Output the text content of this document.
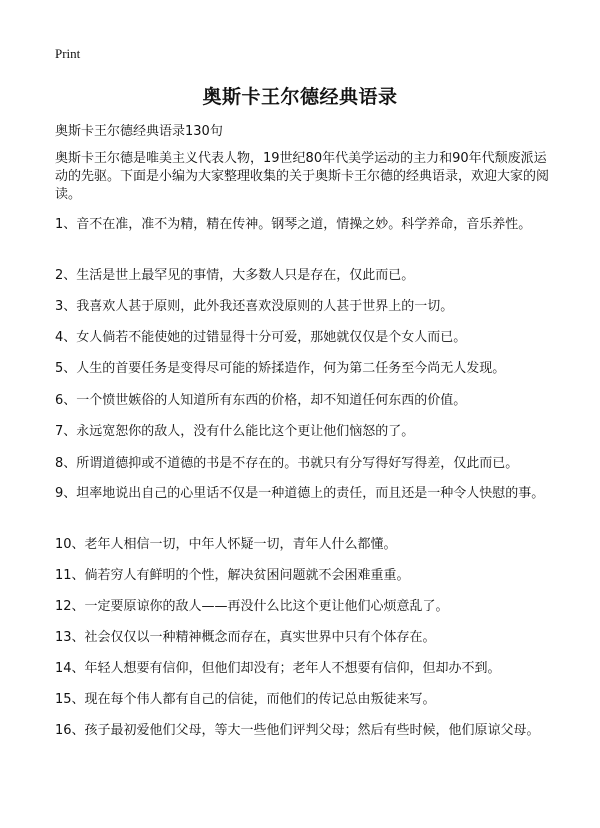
Print
奥斯卡王尔德经典语录

奥斯卡王尔德经典语录130句

奥斯卡王尔德是唯美主义代表人物，19世纪80年代美学运动的主力和90年代颓废派运动的先驱。下面是小编为大家整理收集的关于奥斯卡王尔德的经典语录，欢迎大家的阅读。

1、音不在准，准不为精，精在传神。钢琴之道，情操之妙。科学养命，音乐养性。
2、生活是世上最罕见的事情，大多数人只是存在，仅此而已。
3、我喜欢人甚于原则，此外我还喜欢没原则的人甚于世界上的一切。
4、女人倘若不能使她的过错显得十分可爱，那她就仅仅是个女人而已。
5、人生的首要任务是变得尽可能的矫揉造作，何为第二任务至今尚无人发现。
6、一个愤世嫉俗的人知道所有东西的价格，却不知道任何东西的价值。
7、永远宽恕你的敌人，没有什么能比这个更让他们恼怒的了。
8、所谓道德抑或不道德的书是不存在的。书就只有分写得好写得差，仅此而已。
9、坦率地说出自己的心里话不仅是一种道德上的责任，而且还是一种令人快慰的事。
10、老年人相信一切，中年人怀疑一切，青年人什么都懂。
11、倘若穷人有鲜明的个性，解决贫困问题就不会困难重重。
12、一定要原谅你的敌人——再没什么比这个更让他们心烦意乱了。
13、社会仅仅以一种精神概念而存在，真实世界中只有个体存在。
14、年轻人想要有信仰，但他们却没有；老年人不想要有信仰，但却办不到。
15、现在每个伟人都有自己的信徒，而他们的传记总由叛徒来写。
16、孩子最初爱他们父母，等大一些他们评判父母；然后有些时候，他们原谅父母。
